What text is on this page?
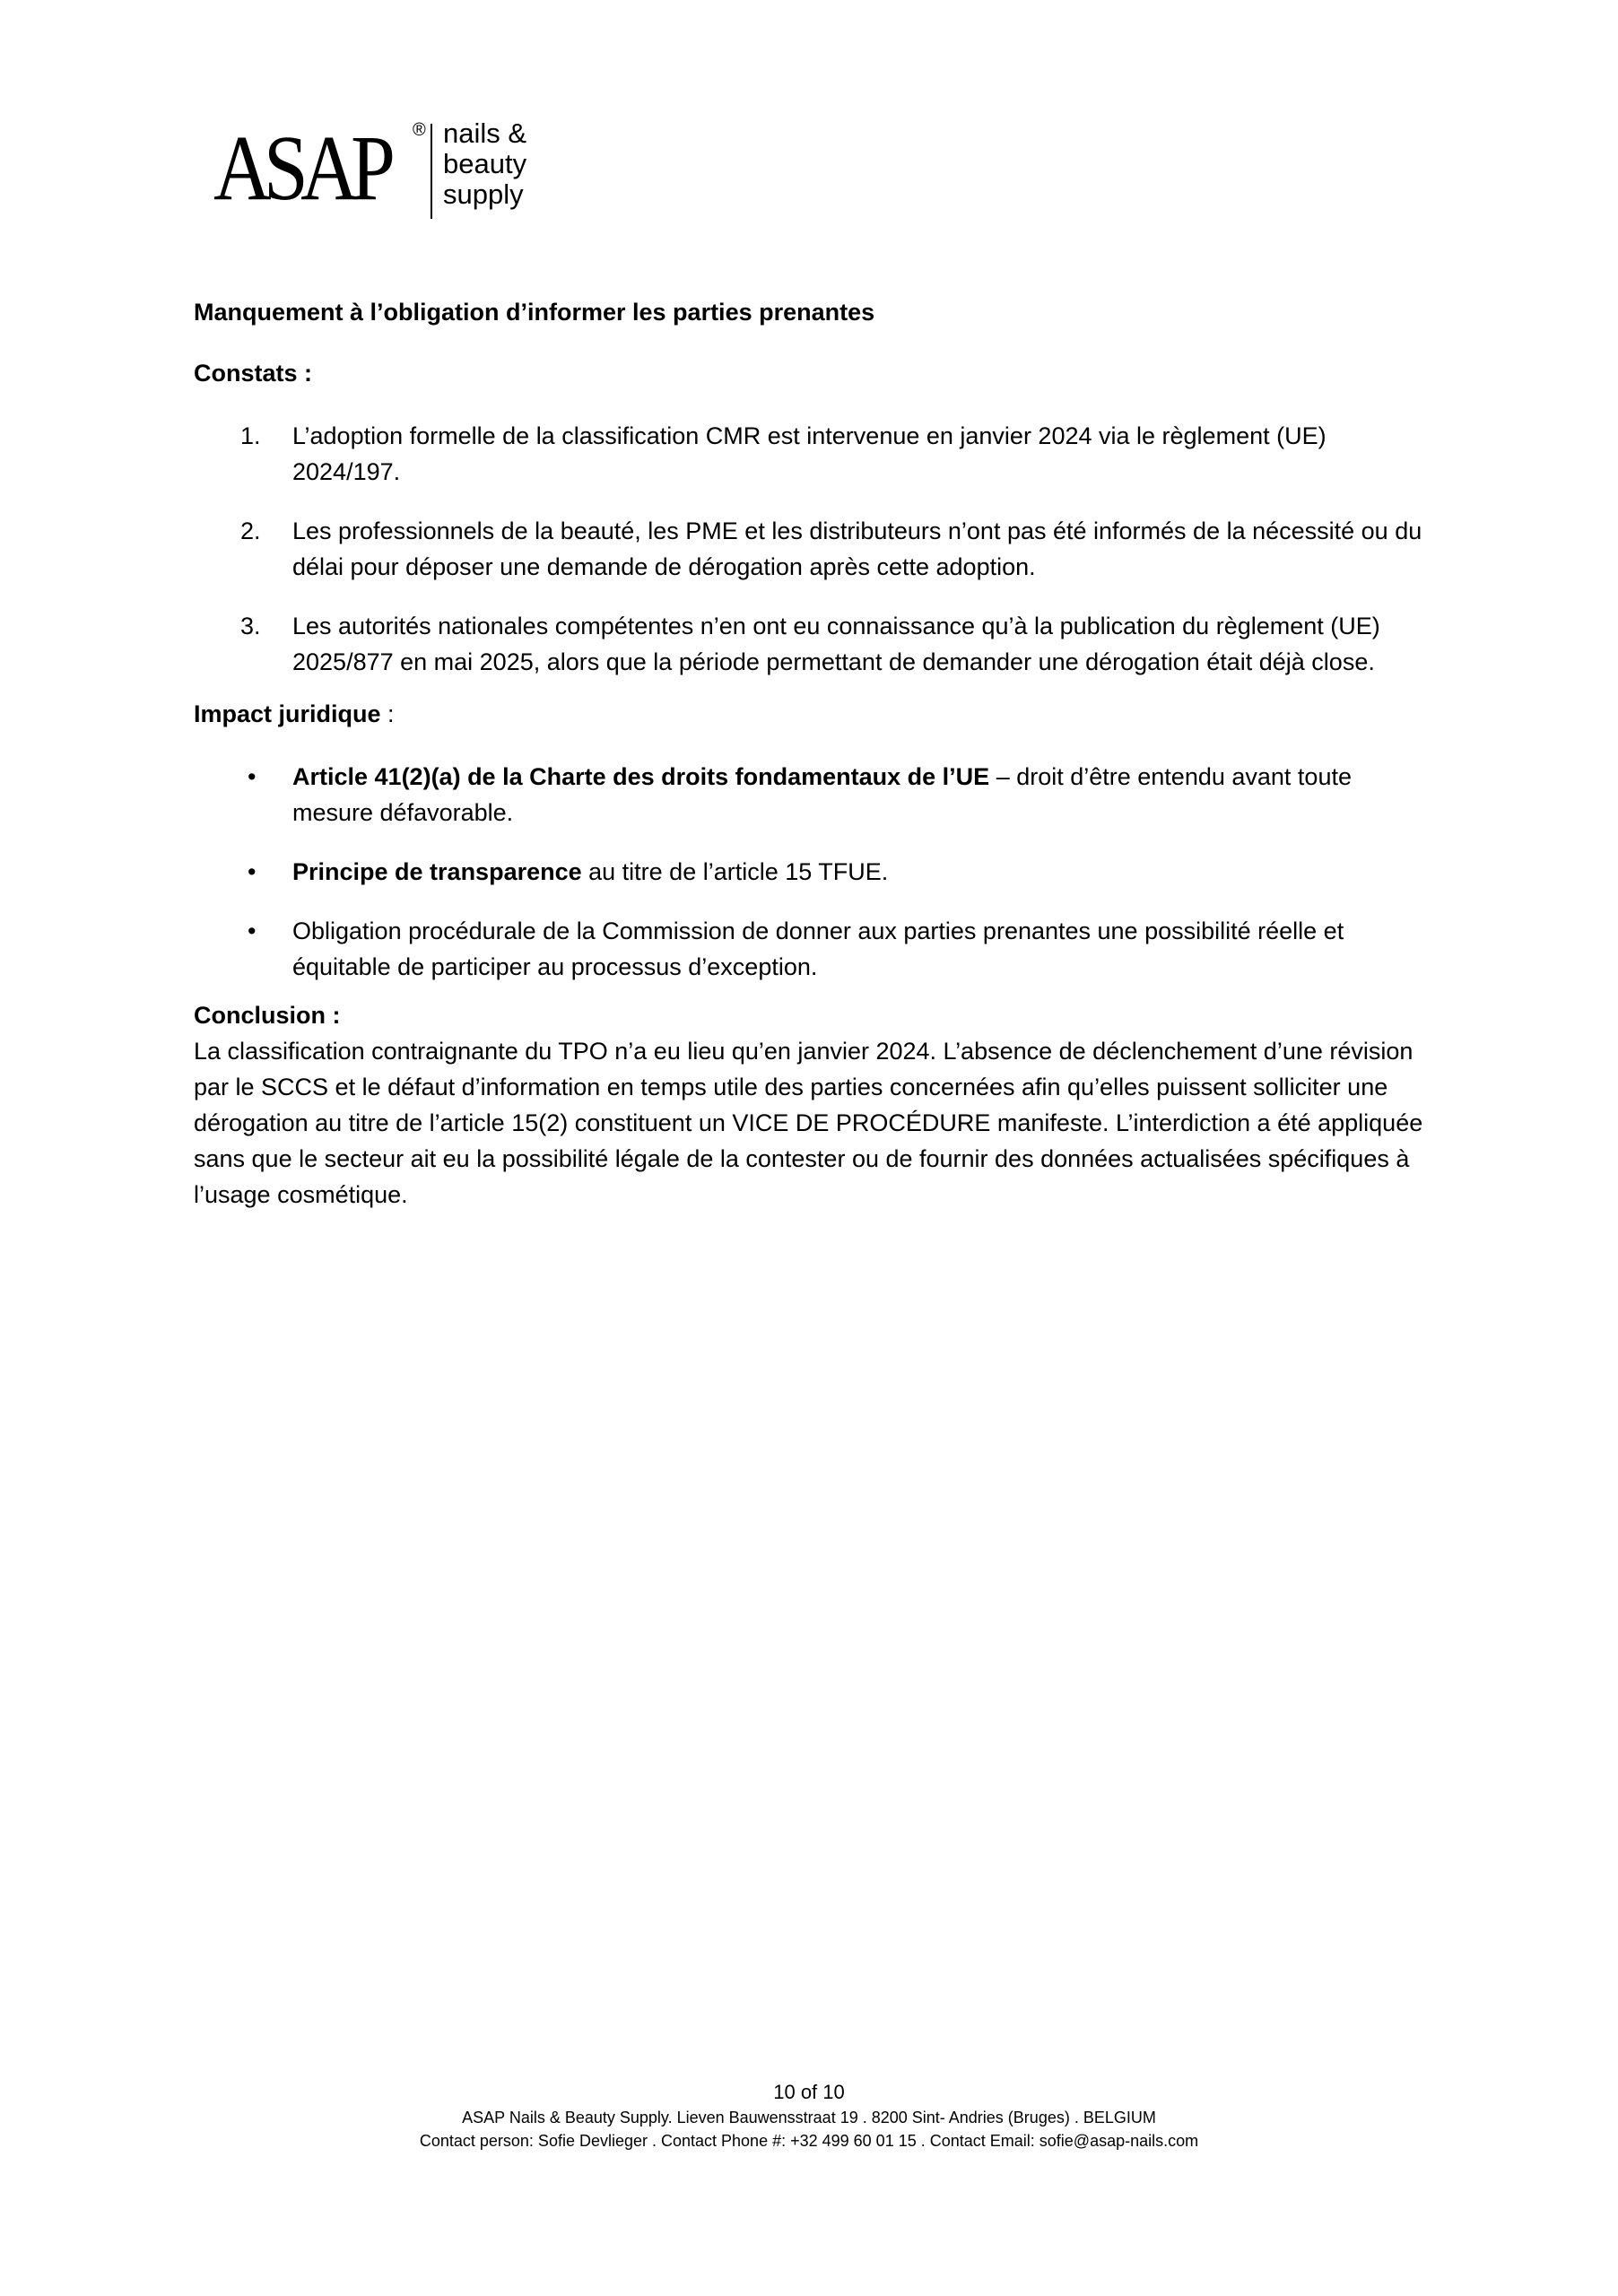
ASAP ® nails &
beauty
supply

Manquement à l’obligation d’informer les parties prenantes

Constats :

1. L’adoption formelle de la classification CMR est intervenue en janvier 2024 via le règlement (UE) 2024/197.
2. Les professionnels de la beauté, les PME et les distributeurs n’ont pas été informés de la nécessité ou du délai pour déposer une demande de dérogation après cette adoption.
3. Les autorités nationales compétentes n’en ont eu connaissance qu’à la publication du règlement (UE) 2025/877 en mai 2025, alors que la période permettant de demander une dérogation était déjà close.

Impact juridique :

• Article 41(2)(a) de la Charte des droits fondamentaux de l’UE – droit d’être entendu avant toute mesure défavorable.
• Principe de transparence au titre de l’article 15 TFUE.
• Obligation procédurale de la Commission de donner aux parties prenantes une possibilité réelle et équitable de participer au processus d’exception.

Conclusion :

La classification contraignante du TPO n’a eu lieu qu’en janvier 2024. L’absence de déclenchement d’une révision par le SCCS et le défaut d’information en temps utile des parties concernées afin qu’elles puissent solliciter une dérogation au titre de l’article 15(2) constituent un VICE DE PROCÉDURE manifeste. L’interdiction a été appliquée sans que le secteur ait eu la possibilité légale de la contester ou de fournir des données actualisées spécifiques à l’usage cosmétique.

10 of 10
ASAP Nails & Beauty Supply. Lieven Bauwensstraat 19 . 8200 Sint- Andries (Bruges) . BELGIUM
Contact person: Sofie Devlieger . Contact Phone #: +32 499 60 01 15 . Contact Email: sofie@asap-nails.com
